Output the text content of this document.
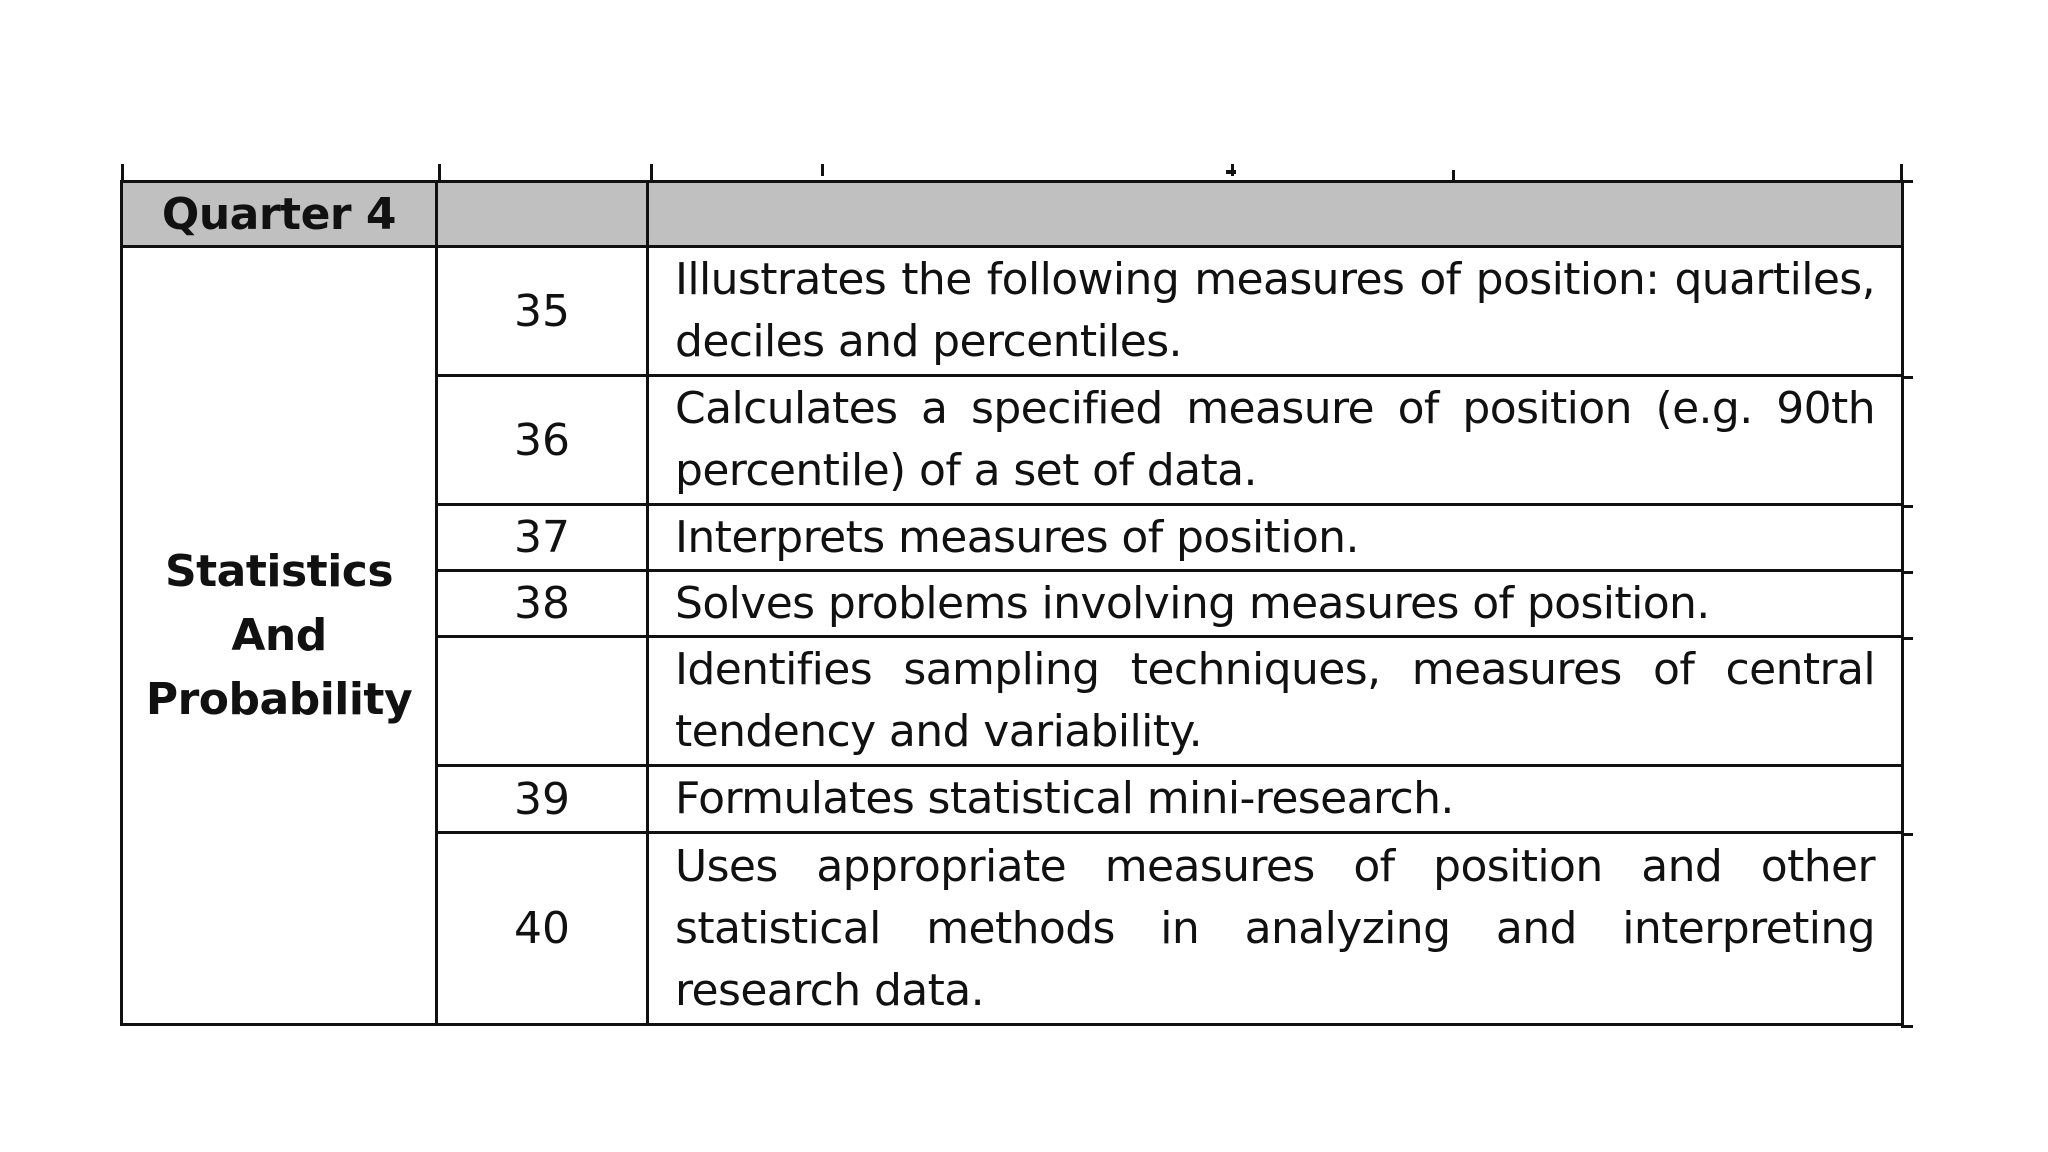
Quarter 4		

Statistics
And
Probability	35	Illustrates the following measures of position: quartiles, deciles and percentiles.
	36	Calculates a specified measure of position (e.g. 90th percentile) of a set of data.
	37	Interprets measures of position.
	38	Solves problems involving measures of position.
		Identifies sampling techniques, measures of central tendency and variability.
	39	Formulates statistical mini-research.
	40	Uses appropriate measures of position and other statistical methods in analyzing and interpreting research data.
